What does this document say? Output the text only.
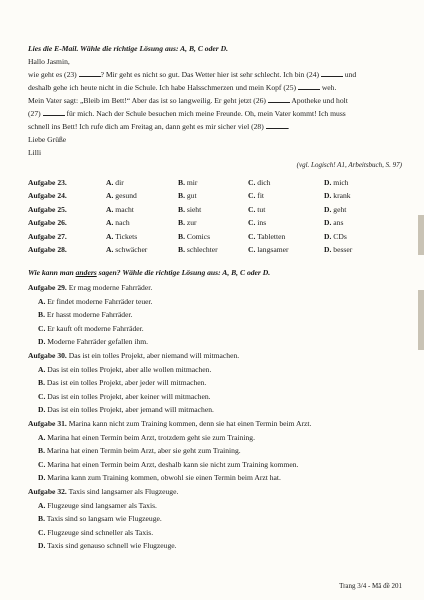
Lies die E-Mail. Wähle die richtige Lösung aus: A, B, C oder D.
Hallo Jasmin,
wie geht es (23)	? Mir geht es nicht so gut. Das Wetter hier ist sehr schlecht. Ich bin (24)	und
deshalb gehe ich heute nicht in die Schule. Ich habe Halsschmerzen und mein Kopf (25)	weh.
Mein Vater sagt: „Bleib im Bett!“ Aber das ist so langweilig. Er geht jetzt (26)	Apotheke und holt
(27)	für mich. Nach der Schule besuchen mich meine Freunde. Oh, mein Vater kommt! Ich muss
schnell ins Bett! Ich rufe dich am Freitag an, dann geht es mir sicher viel (28)	.
Liebe Grüße
Lilli
(vgl. Logisch! A1, Arbeitsbuch, S. 97)
Aufgabe 23.	A. dir	B. mir	C. dich	D. mich
Aufgabe 24.	A. gesund	B. gut	C. fit	D. krank
Aufgabe 25.	A. macht	B. sieht	C. tut	D. geht
Aufgabe 26.	A. nach	B. zur	C. ins	D. ans
Aufgabe 27.	A. Tickets	B. Comics	C. Tabletten	D. CDs
Aufgabe 28.	A. schwächer	B. schlechter	C. langsamer	D. besser
Wie kann man anders sagen? Wähle die richtige Lösung aus: A, B, C oder D.
Aufgabe 29. Er mag moderne Fahrräder.
A. Er findet moderne Fahrräder teuer.
B. Er hasst moderne Fahrräder.
C. Er kauft oft moderne Fahrräder.
D. Moderne Fahrräder gefallen ihm.
Aufgabe 30. Das ist ein tolles Projekt, aber niemand will mitmachen.
A. Das ist ein tolles Projekt, aber alle wollen mitmachen.
B. Das ist ein tolles Projekt, aber jeder will mitmachen.
C. Das ist ein tolles Projekt, aber keiner will mitmachen.
D. Das ist ein tolles Projekt, aber jemand will mitmachen.
Aufgabe 31. Marina kann nicht zum Training kommen, denn sie hat einen Termin beim Arzt.
A. Marina hat einen Termin beim Arzt, trotzdem geht sie zum Training.
B. Marina hat einen Termin beim Arzt, aber sie geht zum Training.
C. Marina hat einen Termin beim Arzt, deshalb kann sie nicht zum Training kommen.
D. Marina kann zum Training kommen, obwohl sie einen Termin beim Arzt hat.
Aufgabe 32. Taxis sind langsamer als Flugzeuge.
A. Flugzeuge sind langsamer als Taxis.
B. Taxis sind so langsam wie Flugzeuge.
C. Flugzeuge sind schneller als Taxis.
D. Taxis sind genauso schnell wie Flugzeuge.
Trang 3/4 - Mã đề 201
